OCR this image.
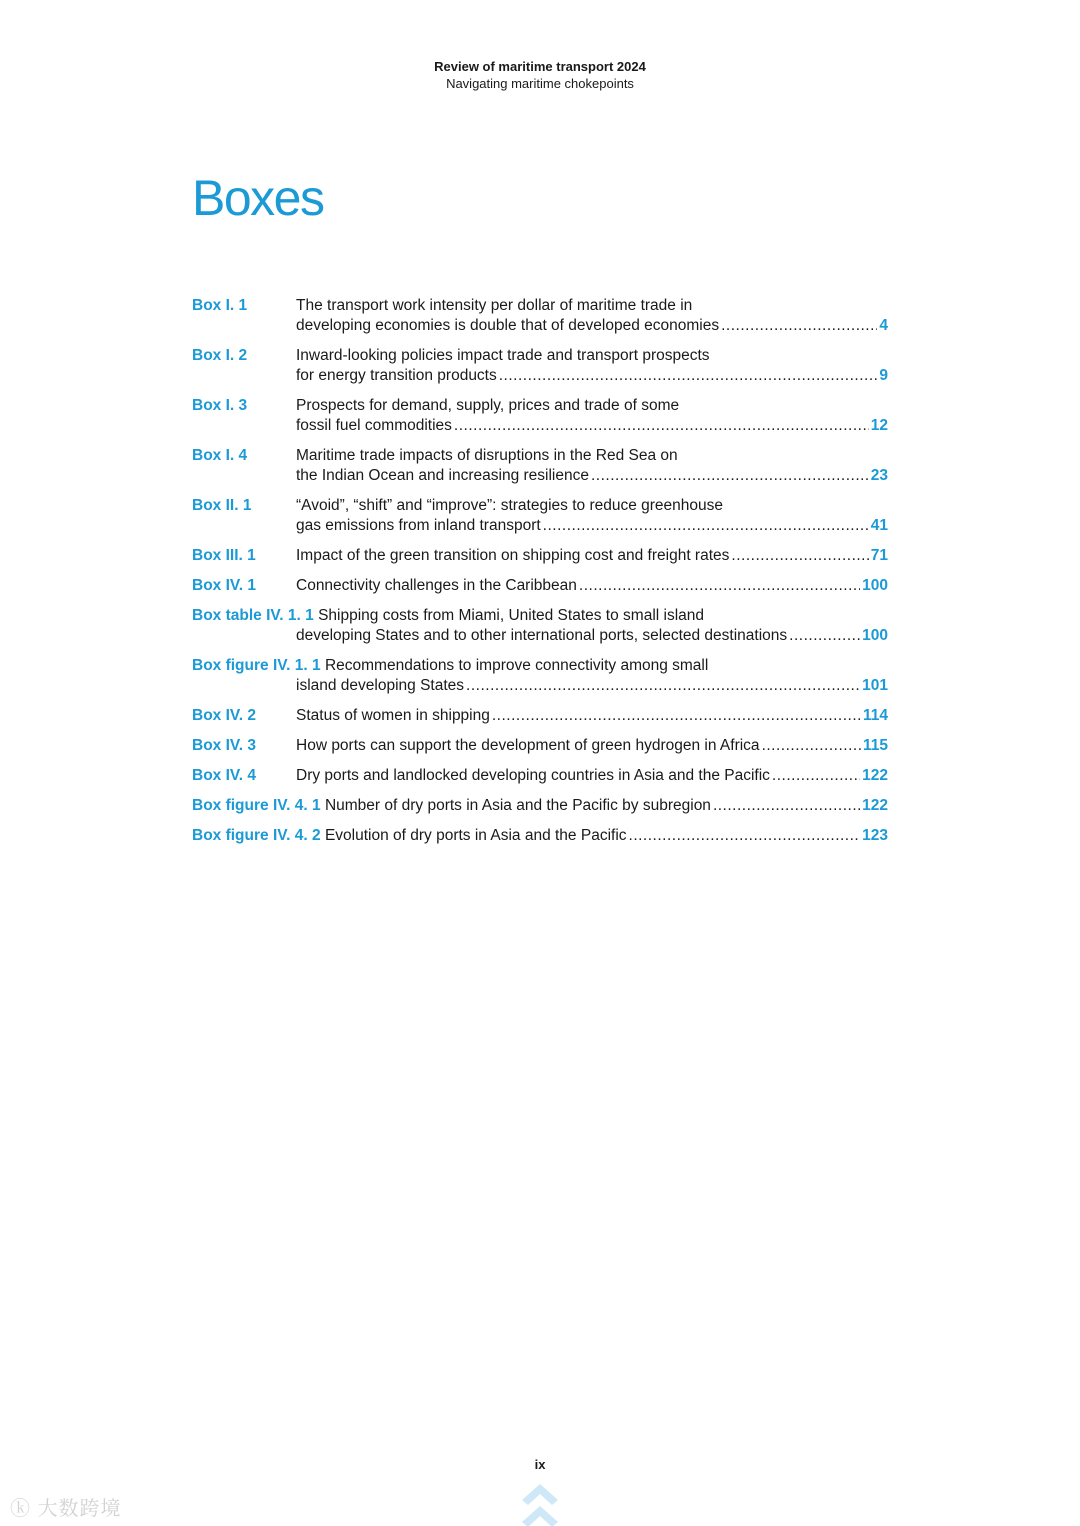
Review of maritime transport 2024
Navigating maritime chokepoints
Boxes
Box I. 1	The transport work intensity per dollar of maritime trade in
developing economies is double that of developed economies .....	4
Box I. 2	Inward-looking policies impact trade and transport prospects
for energy transition products .....	9
Box I. 3	Prospects for demand, supply, prices and trade of some
fossil fuel commodities .....	12
Box I. 4	Maritime trade impacts of disruptions in the Red Sea on
the Indian Ocean and increasing resilience .....	23
Box II. 1	“Avoid”, “shift” and “improve”: strategies to reduce greenhouse
gas emissions from inland transport .....	41
Box III. 1	Impact of the green transition on shipping cost and freight rates .....	71
Box IV. 1	Connectivity challenges in the Caribbean .....	100
Box table IV. 1. 1 Shipping costs from Miami, United States to small island
developing States and to other international ports, selected destinations .....	100
Box figure IV. 1. 1 Recommendations to improve connectivity among small
island developing States .....	101
Box IV. 2	Status of women in shipping .....	114
Box IV. 3	How ports can support the development of green hydrogen in Africa .....	115
Box IV. 4	Dry ports and landlocked developing countries in Asia and the Pacific .....	122
Box figure IV. 4. 1 Number of dry ports in Asia and the Pacific by subregion .....	122
Box figure IV. 4. 2 Evolution of dry ports in Asia and the Pacific .....	123
ix
ⓚ 大数跨境
